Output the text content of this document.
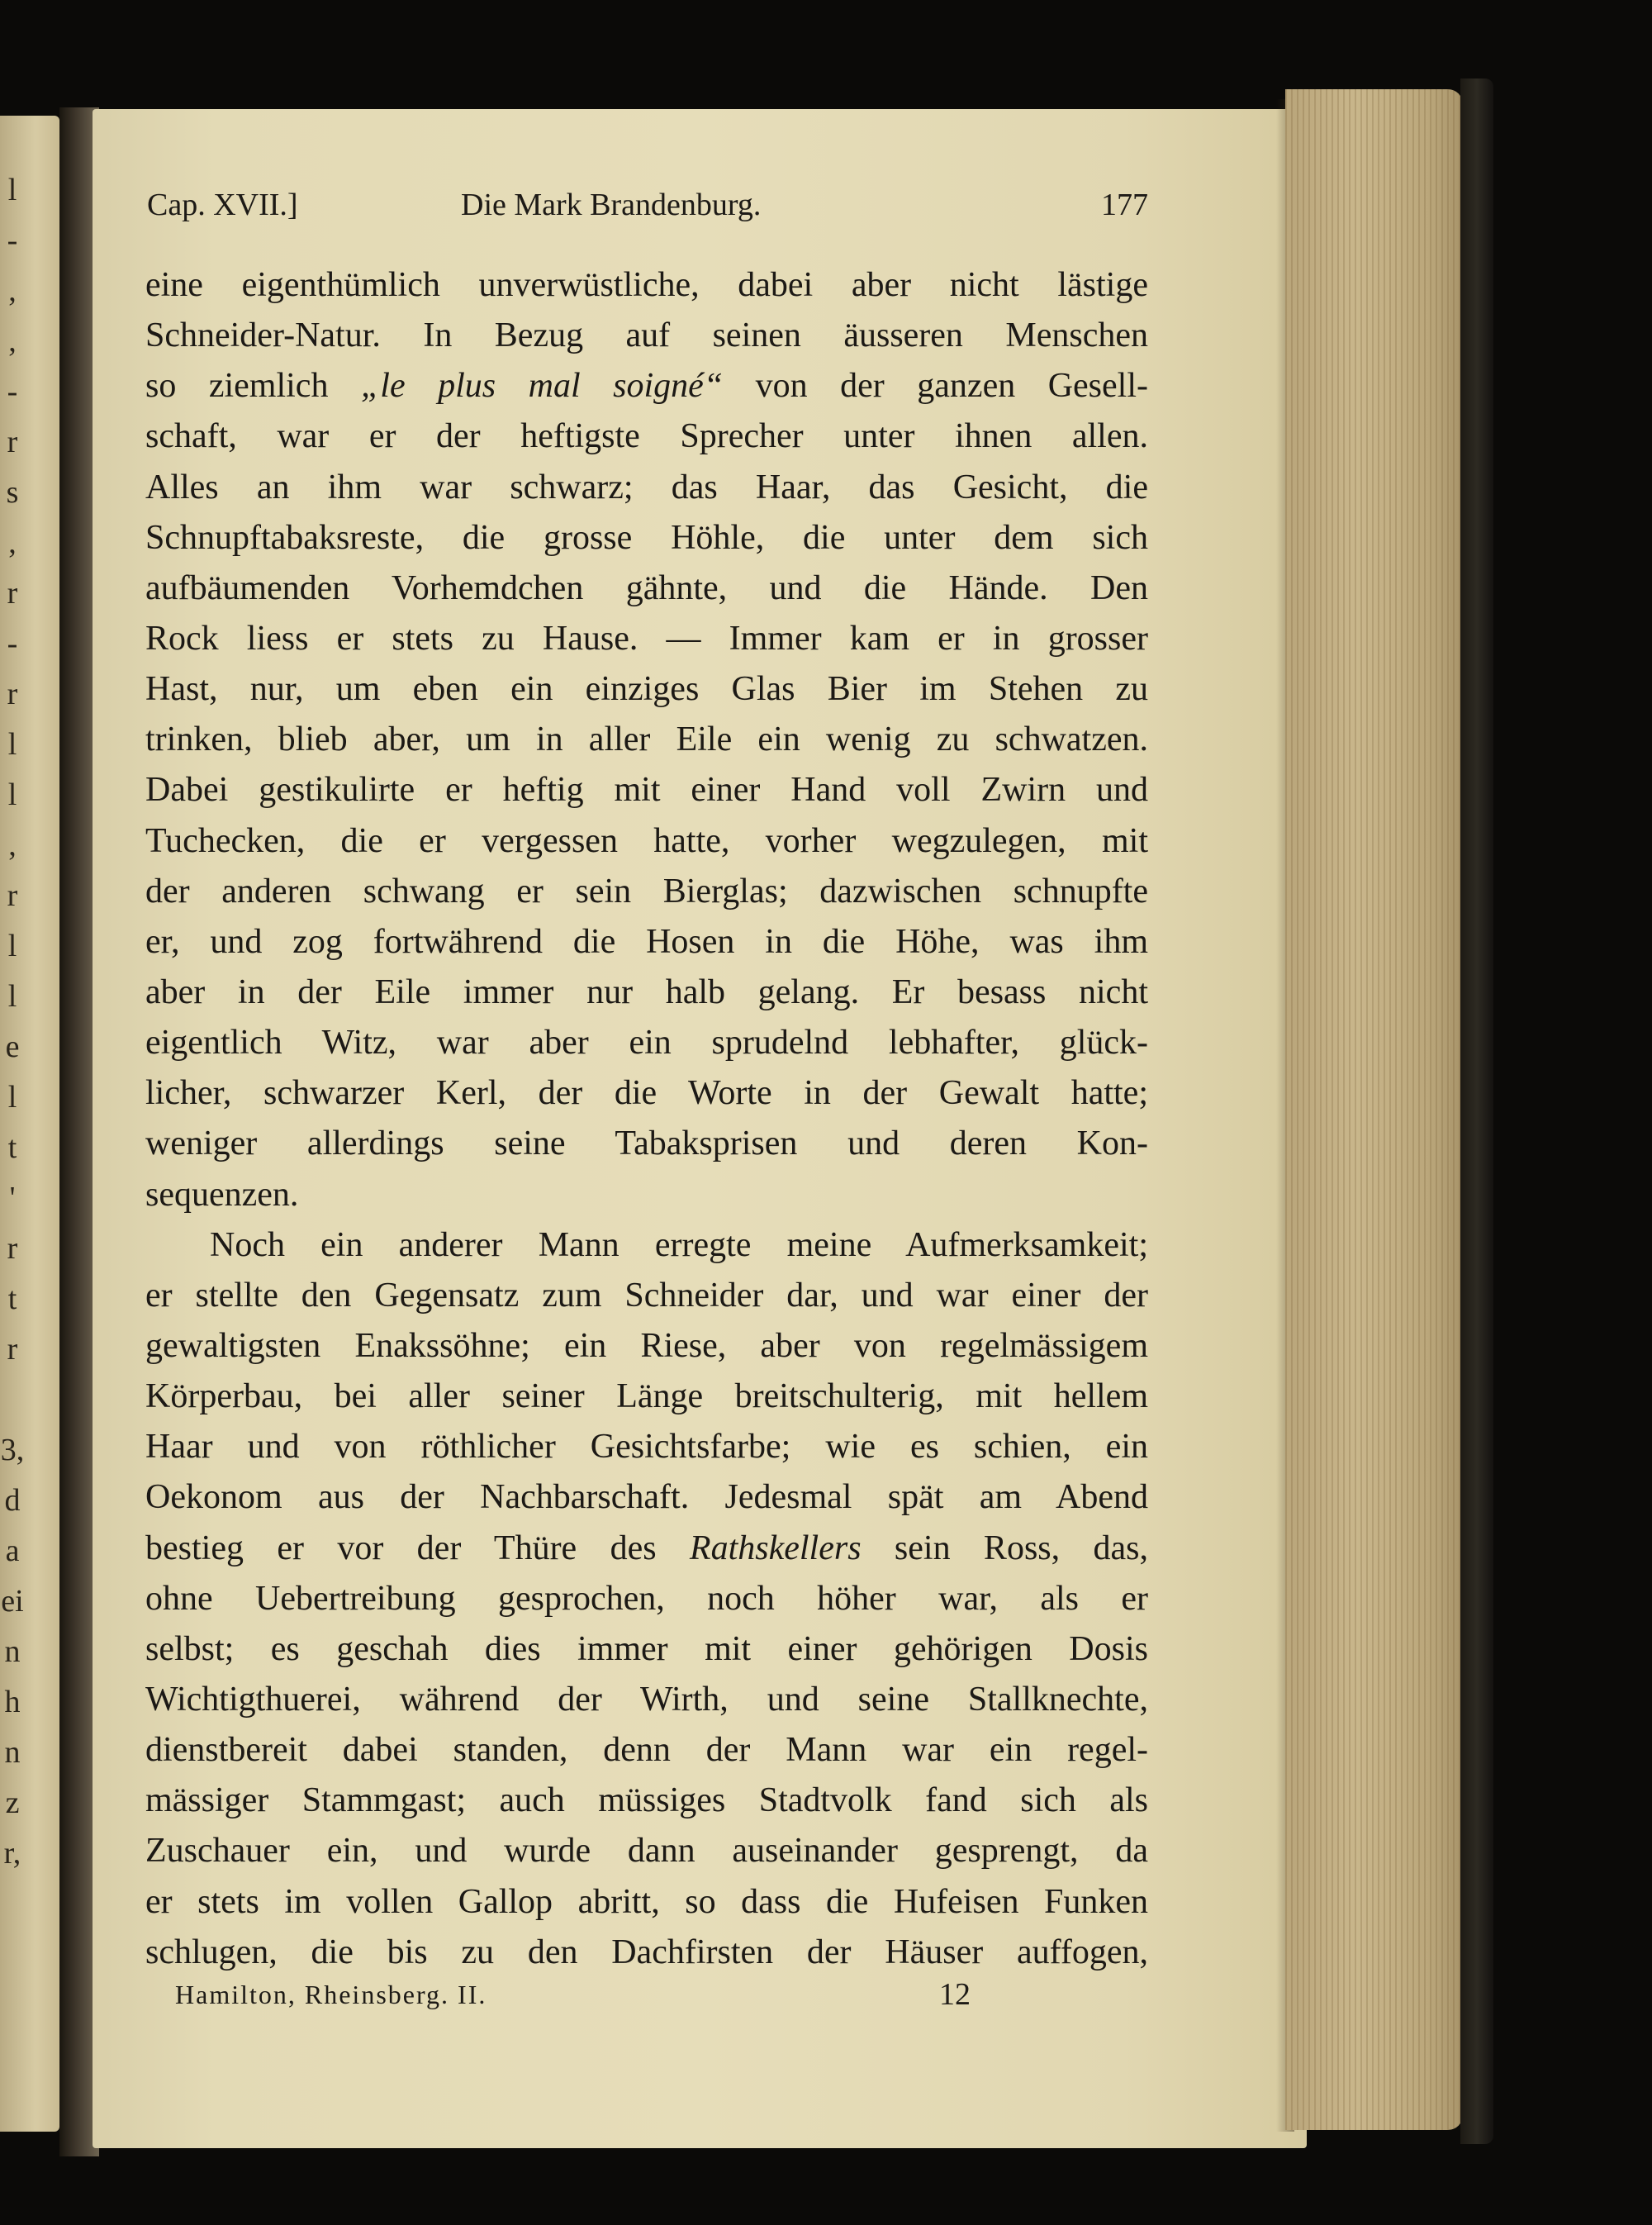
l
-
,
,
-
r
s
,
r
-
r
l
l
,
r
l
l
e
l
t
'
r
t
r
3,
d
a
ei
n
h
n
z
r,
Cap. XVII.]	Die Mark Brandenburg.	177
eine eigenthümlich unverwüstliche, dabei aber nicht lästige
Schneider-Natur. In Bezug auf seinen äusseren Menschen
so ziemlich „le plus mal soigné“ von der ganzen Gesell-
schaft, war er der heftigste Sprecher unter ihnen allen.
Alles an ihm war schwarz; das Haar, das Gesicht, die
Schnupftabaksreste, die grosse Höhle, die unter dem sich
aufbäumenden Vorhemdchen gähnte, und die Hände. Den
Rock liess er stets zu Hause. — Immer kam er in grosser
Hast, nur, um eben ein einziges Glas Bier im Stehen zu
trinken, blieb aber, um in aller Eile ein wenig zu schwatzen.
Dabei gestikulirte er heftig mit einer Hand voll Zwirn und
Tuchecken, die er vergessen hatte, vorher wegzulegen, mit
der anderen schwang er sein Bierglas; dazwischen schnupfte
er, und zog fortwährend die Hosen in die Höhe, was ihm
aber in der Eile immer nur halb gelang. Er besass nicht
eigentlich Witz, war aber ein sprudelnd lebhafter, glück-
licher, schwarzer Kerl, der die Worte in der Gewalt hatte;
weniger allerdings seine Tabaksprisen und deren Kon-
sequenzen.
Noch ein anderer Mann erregte meine Aufmerksamkeit;
er stellte den Gegensatz zum Schneider dar, und war einer der
gewaltigsten Enakssöhne; ein Riese, aber von regelmässigem
Körperbau, bei aller seiner Länge breitschulterig, mit hellem
Haar und von röthlicher Gesichtsfarbe; wie es schien, ein
Oekonom aus der Nachbarschaft. Jedesmal spät am Abend
bestieg er vor der Thüre des Rathskellers sein Ross, das,
ohne Uebertreibung gesprochen, noch höher war, als er
selbst; es geschah dies immer mit einer gehörigen Dosis
Wichtigthuerei, während der Wirth, und seine Stallknechte,
dienstbereit dabei standen, denn der Mann war ein regel-
mässiger Stammgast; auch müssiges Stadtvolk fand sich als
Zuschauer ein, und wurde dann auseinander gesprengt, da
er stets im vollen Gallop abritt, so dass die Hufeisen Funken
schlugen, die bis zu den Dachfirsten der Häuser auffogen,
Hamilton, Rheinsberg. II.	12
